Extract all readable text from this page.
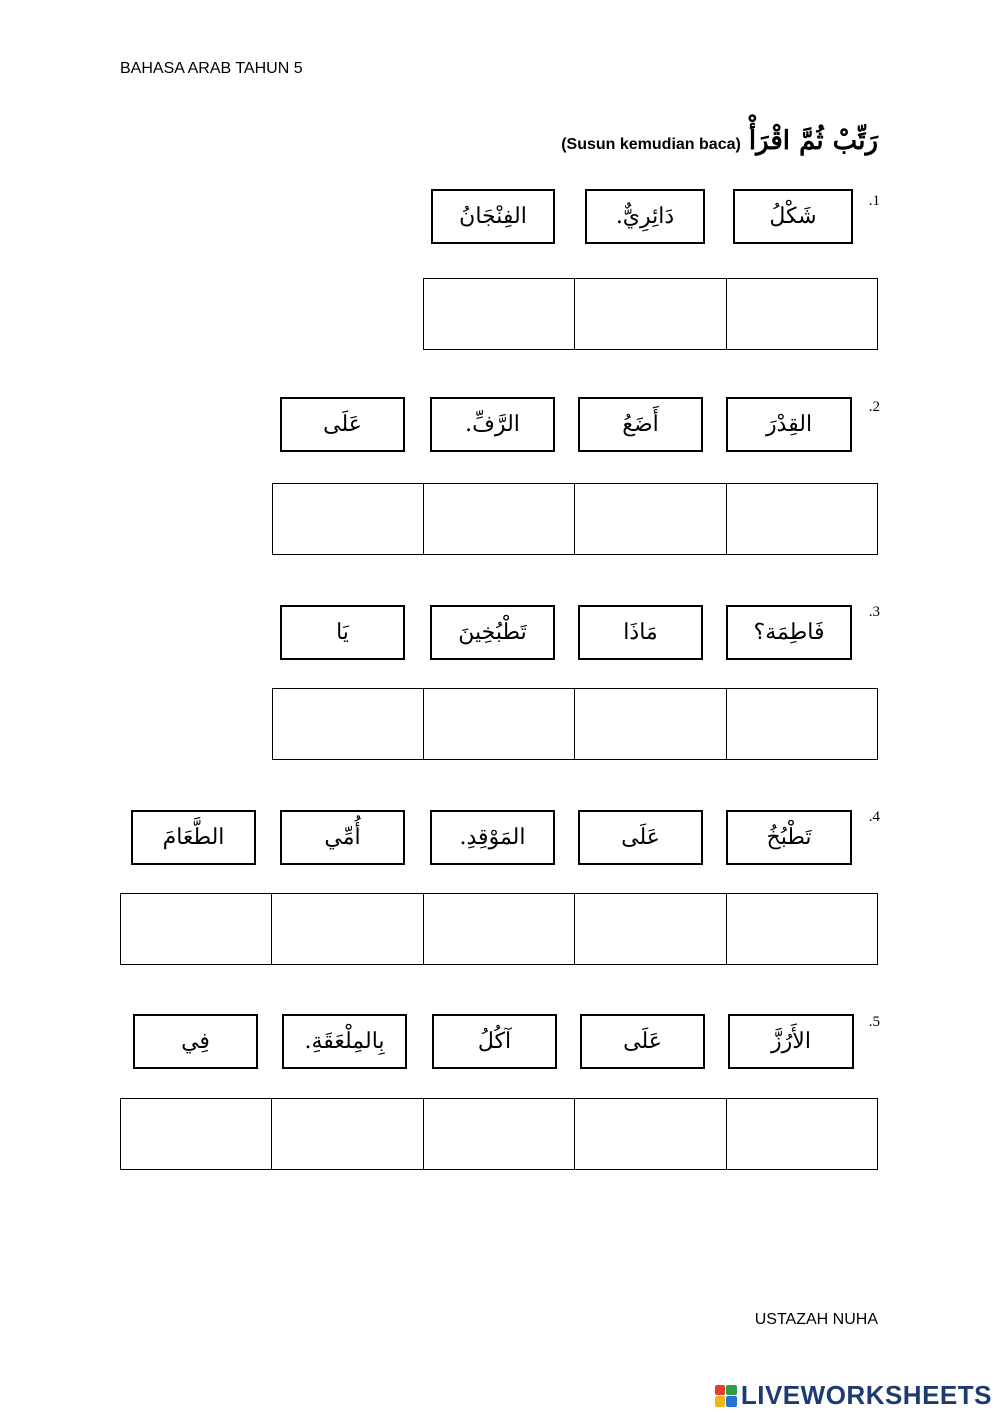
BAHASA ARAB TAHUN 5
(Susun kemudian baca) رَتِّبْ ثُمَّ اقْرَأْ
.1
شَكْلُ
دَائِرِيٌّ.
الفِنْجَانُ
.2
القِدْرَ
أَضَعُ
الرَّفِّ.
عَلَى
.3
فَاطِمَة؟
مَاذَا
تَطْبُخِينَ
يَا
.4
تَطْبُخُ
عَلَى
المَوْقِدِ.
أُمِّي
الطَّعَامَ
.5
الأَرُزَّ
عَلَى
آكُلُ
بِالمِلْعَقَةِ.
فِي
USTAZAH NUHA
LIVEWORKSHEETS
